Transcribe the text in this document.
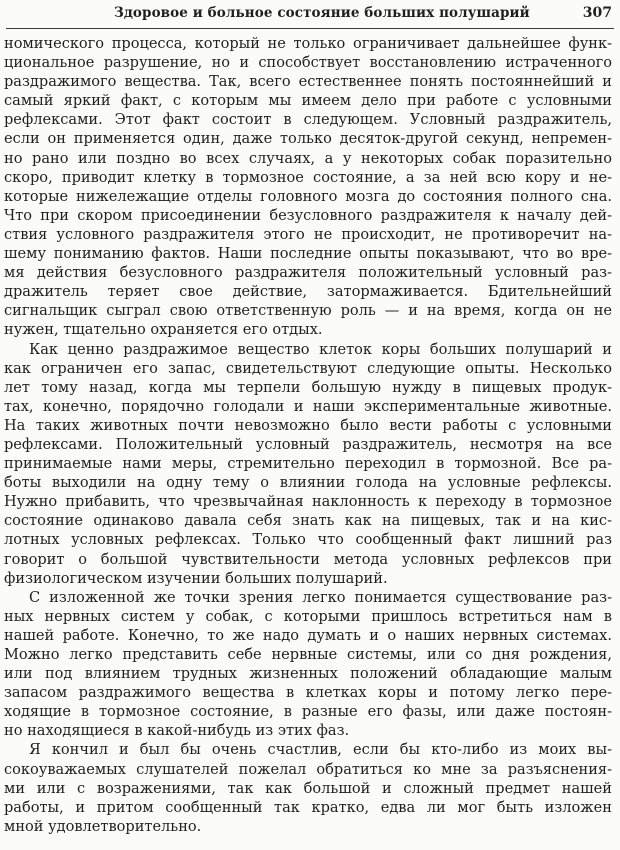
Здоровое и больное состояние больших полушарий	307
номического процесса, который не только ограничивает дальнейшее функ-
циональное разрушение, но и способствует восстановлению истраченного
раздражимого вещества. Так, всего естественнее понять постояннейший и
самый яркий факт, с которым мы имеем дело при работе с условными
рефлексами. Этот факт состоит в следующем. Условный раздражитель,
если он применяется один, даже только десяток-другой секунд, непремен-
но рано или поздно во всех случаях, а у некоторых собак поразительно
скоро, приводит клетку в тормозное состояние, а за ней всю кору и не-
которые нижележащие отделы головного мозга до состояния полного сна.
Что при скором присоединении безусловного раздражителя к началу дей-
ствия условного раздражителя этого не происходит, не противоречит на-
шему пониманию фактов. Наши последние опыты показывают, что во вре-
мя действия безусловного раздражителя положительный условный раз-
дражитель теряет свое действие, затормаживается. Бдительнейший
сигнальщик сыграл свою ответственную роль — и на время, когда он не
нужен, тщательно охраняется его отдых.
Как ценно раздражимое вещество клеток коры больших полушарий и
как ограничен его запас, свидетельствуют следующие опыты. Несколько
лет тому назад, когда мы терпели большую нужду в пищевых продук-
тах, конечно, порядочно голодали и наши экспериментальные животные.
На таких животных почти невозможно было вести работы с условными
рефлексами. Положительный условный раздражитель, несмотря на все
принимаемые нами меры, стремительно переходил в тормозной. Все ра-
боты выходили на одну тему о влиянии голода на условные рефлексы.
Нужно прибавить, что чрезвычайная наклонность к переходу в тормозное
состояние одинаково давала себя знать как на пищевых, так и на кис-
лотных условных рефлексах. Только что сообщенный факт лишний раз
говорит о большой чувствительности метода условных рефлексов при
физиологическом изучении больших полушарий.
С изложенной же точки зрения легко понимается существование раз-
ных нервных систем у собак, с которыми пришлось встретиться нам в
нашей работе. Конечно, то же надо думать и о наших нервных системах.
Можно легко представить себе нервные системы, или со дня рождения,
или под влиянием трудных жизненных положений обладающие малым
запасом раздражимого вещества в клетках коры и потому легко пере-
ходящие в тормозное состояние, в разные его фазы, или даже постоян-
но находящиеся в какой-нибудь из этих фаз.
Я кончил и был бы очень счастлив, если бы кто-либо из моих вы-
сокоуважаемых слушателей пожелал обратиться ко мне за разъяснения-
ми или с возражениями, так как большой и сложный предмет нашей
работы, и притом сообщенный так кратко, едва ли мог быть изложен
мной удовлетворительно.
